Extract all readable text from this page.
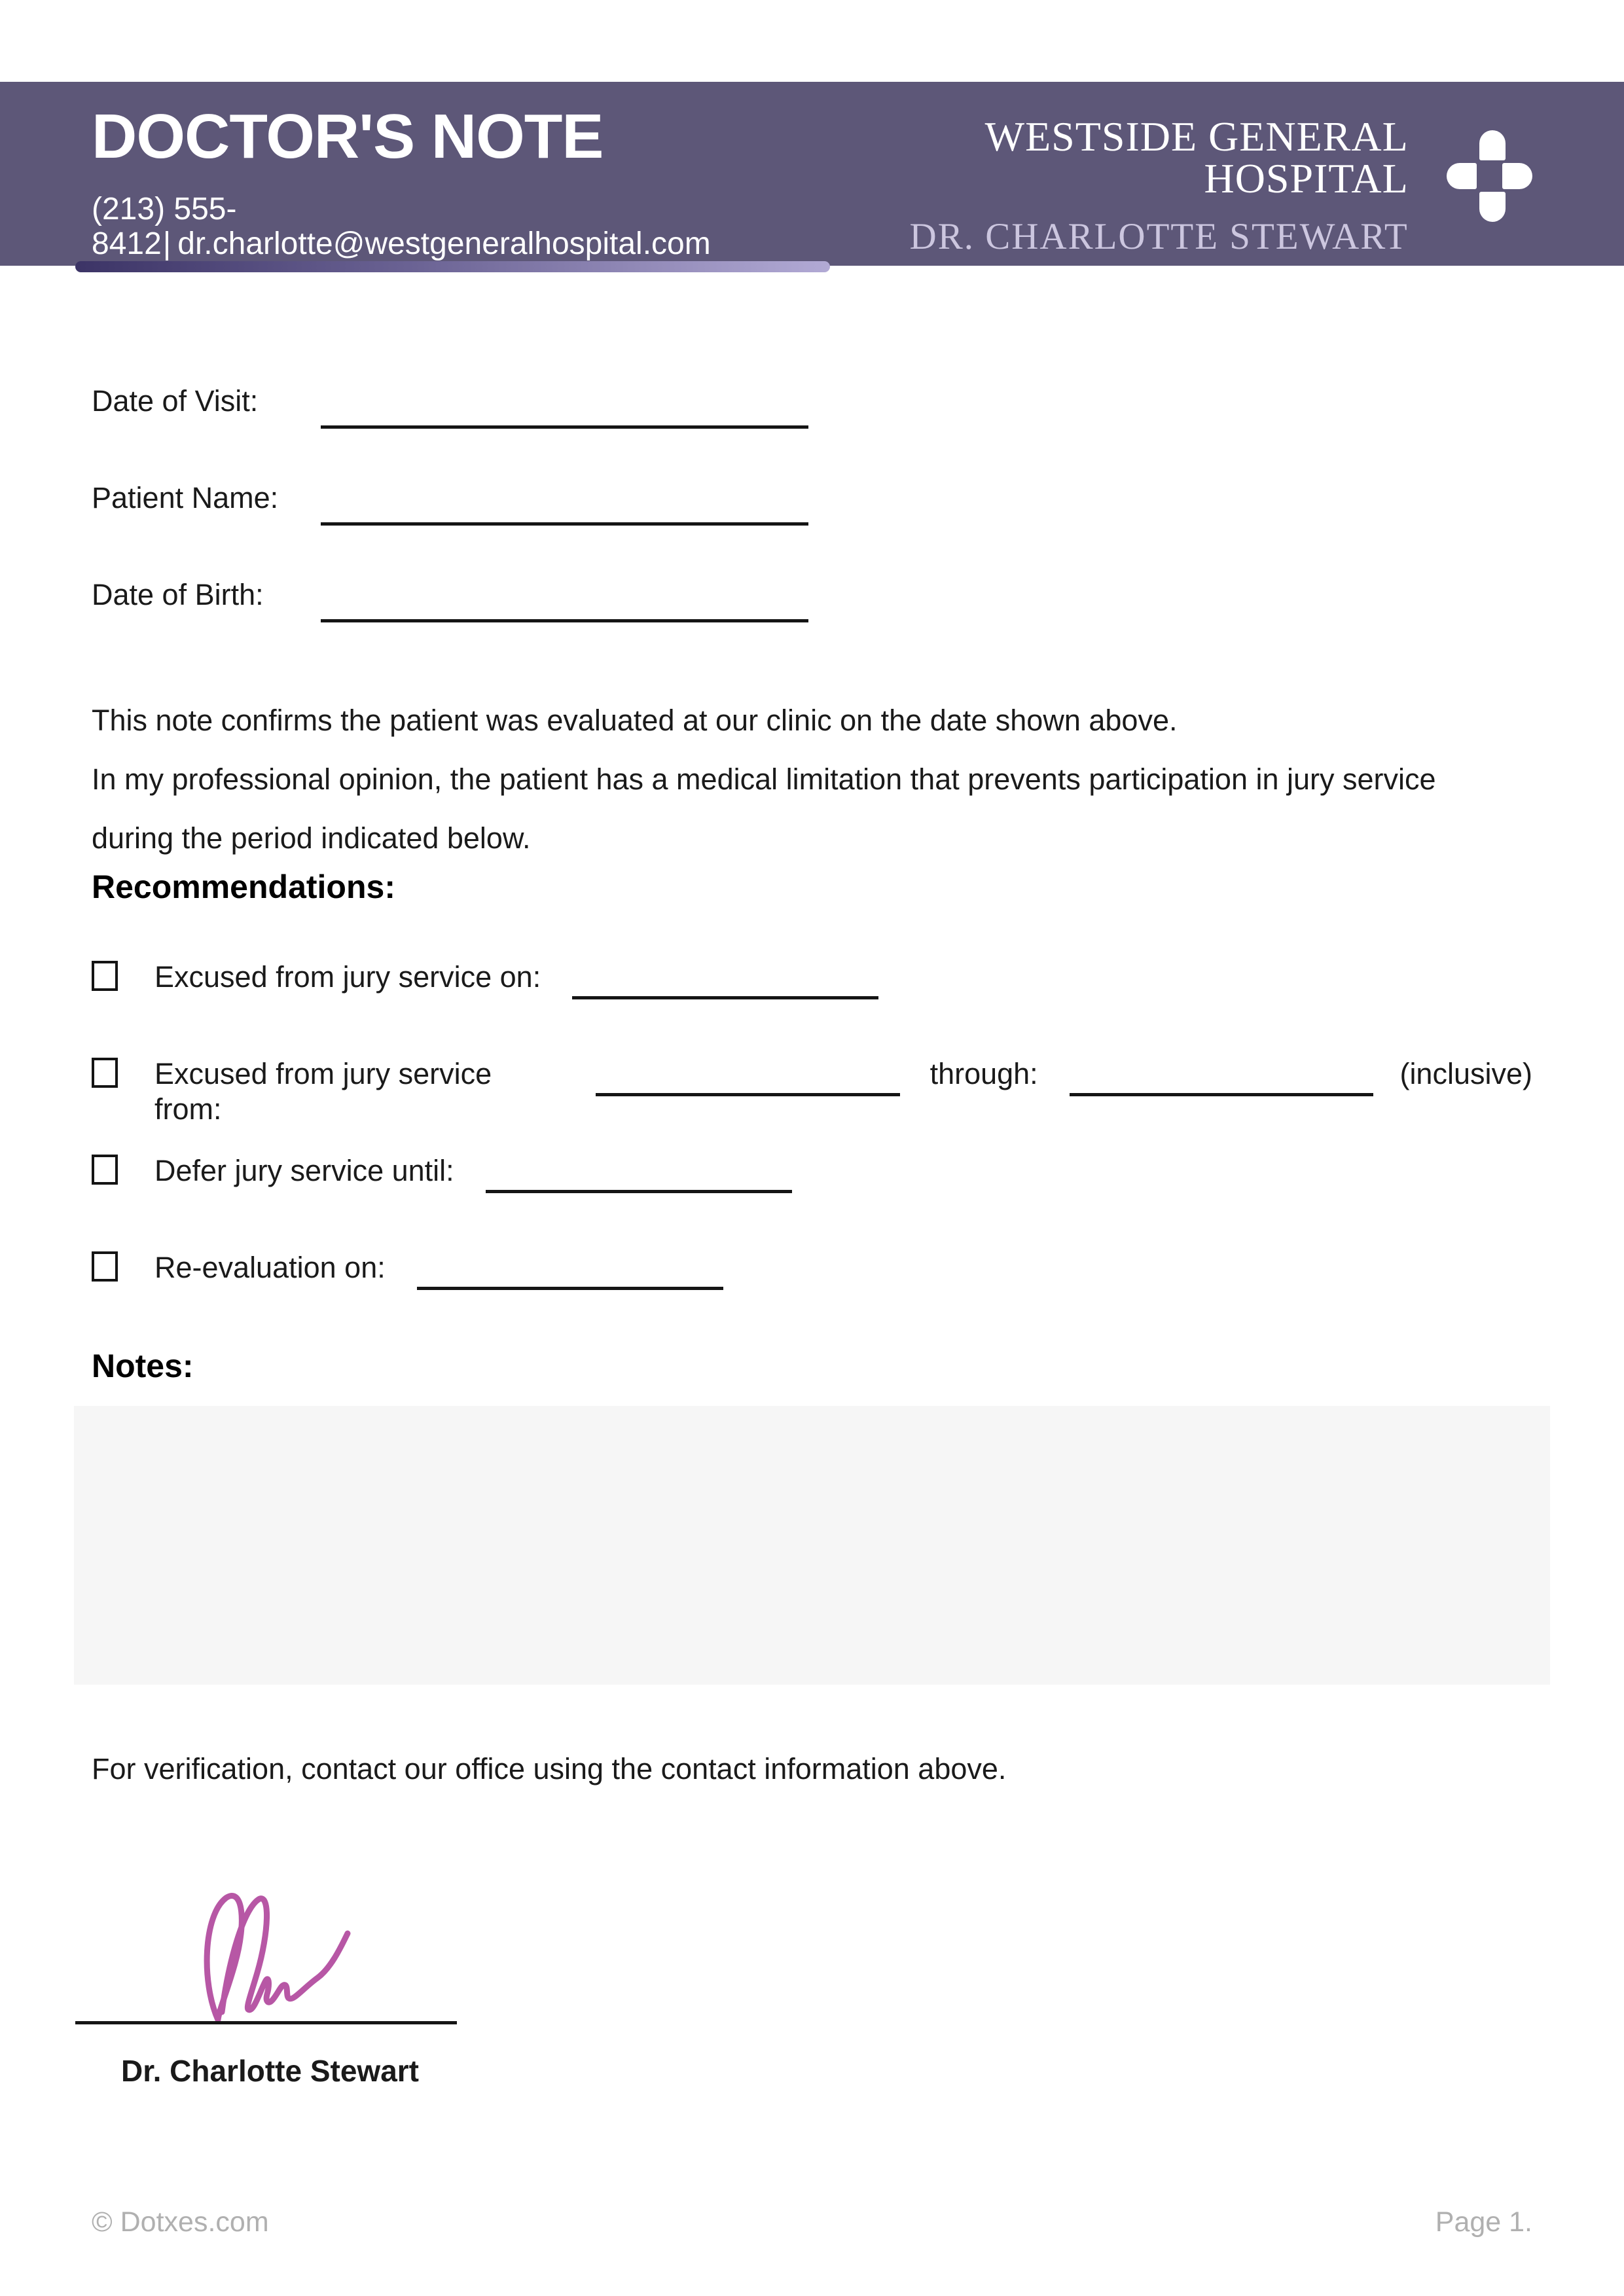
DOCTOR'S NOTE
(213) 555-8412| dr.charlotte@westgeneralhospital.com
540 Sunset Blvd., Los Angeles, CA 90026
WESTSIDE GENERAL HOSPITAL
DR. CHARLOTTE STEWART
CA License No. 640189
Date of Visit:
Patient Name:
Date of Birth:
This note confirms the patient was evaluated at our clinic on the date shown above.
In my professional opinion, the patient has a medical limitation that prevents participation in jury service
during the period indicated below.
Recommendations:
Excused from jury service on:
Excused from jury service from:
through:	(inclusive)
Defer jury service until:
Re-evaluation on:
Notes:
For verification, contact our office using the contact information above.
Dr. Charlotte Stewart
© Dotxes.com	Page 1.
